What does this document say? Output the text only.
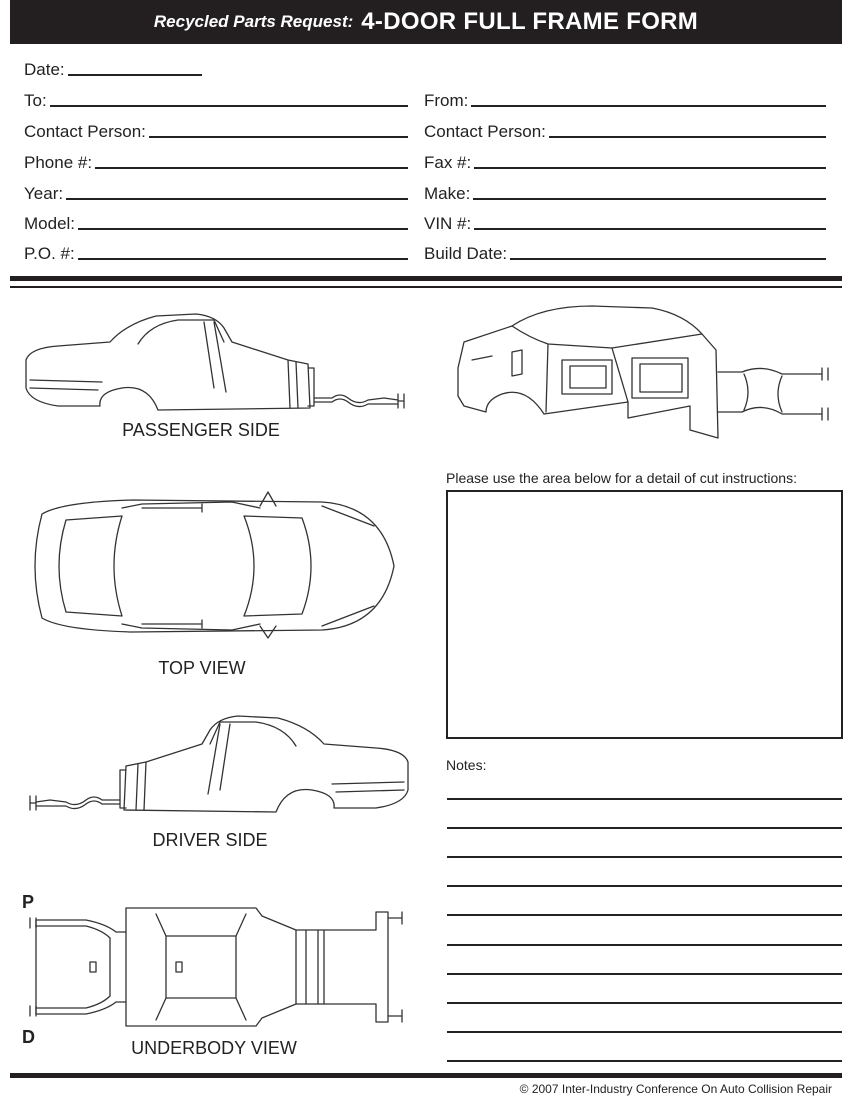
Recycled Parts Request: 4-DOOR FULL FRAME FORM
Date:
To:	From:
Contact Person:	Contact Person:
Phone #:	Fax #:
Year:	Make:
Model:	VIN #:
P.O. #:	Build Date:
PASSENGER SIDE
TOP VIEW
DRIVER SIDE
P
D
UNDERBODY VIEW
Please use the area below for a detail of cut instructions:
Notes:
© 2007 Inter-Industry Conference On Auto Collision Repair
